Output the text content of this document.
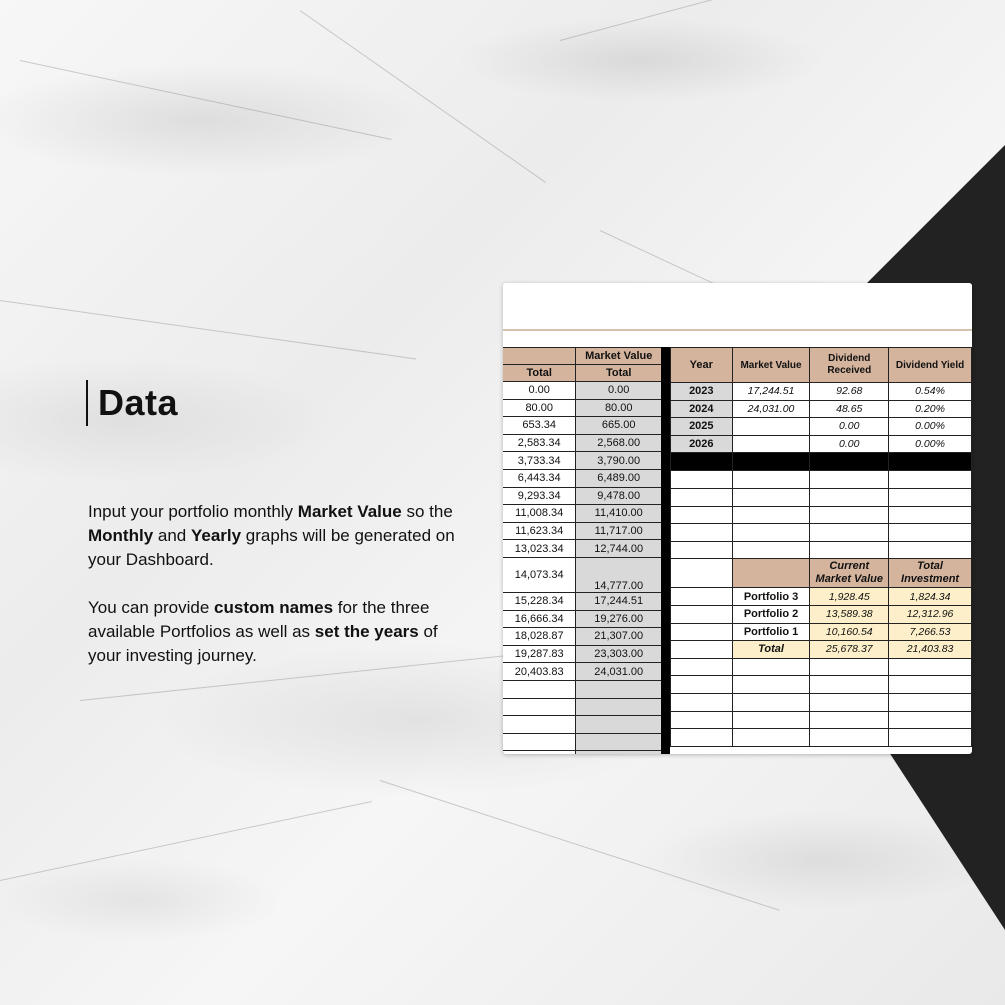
Data

Input your portfolio monthly Market Value so the Monthly and Yearly graphs will be generated on your Dashboard.

You can provide custom names for the three available Portfolios as well as set the years of your investing journey.

	Market Value
Total	Total
0.00	0.00
80.00	80.00
653.34	665.00
2,583.34	2,568.00
3,733.34	3,790.00
6,443.34	6,489.00
9,293.34	9,478.00
11,008.34	11,410.00
11,623.34	11,717.00
13,023.34	12,744.00
14,073.34	14,777.00
15,228.34	17,244.51
16,666.34	19,276.00
18,028.87	21,307.00
19,287.83	23,303.00
20,403.83	24,031.00

Year	Market Value	Dividend Received	Dividend Yield
2023	17,244.51	92.68	0.54%
2024	24,031.00	48.65	0.20%
2025		0.00	0.00%
2026		0.00	0.00%

		Current Market Value	Total Investment
	Portfolio 3	1,928.45	1,824.34
	Portfolio 2	13,589.38	12,312.96
	Portfolio 1	10,160.54	7,266.53
	Total	25,678.37	21,403.83
